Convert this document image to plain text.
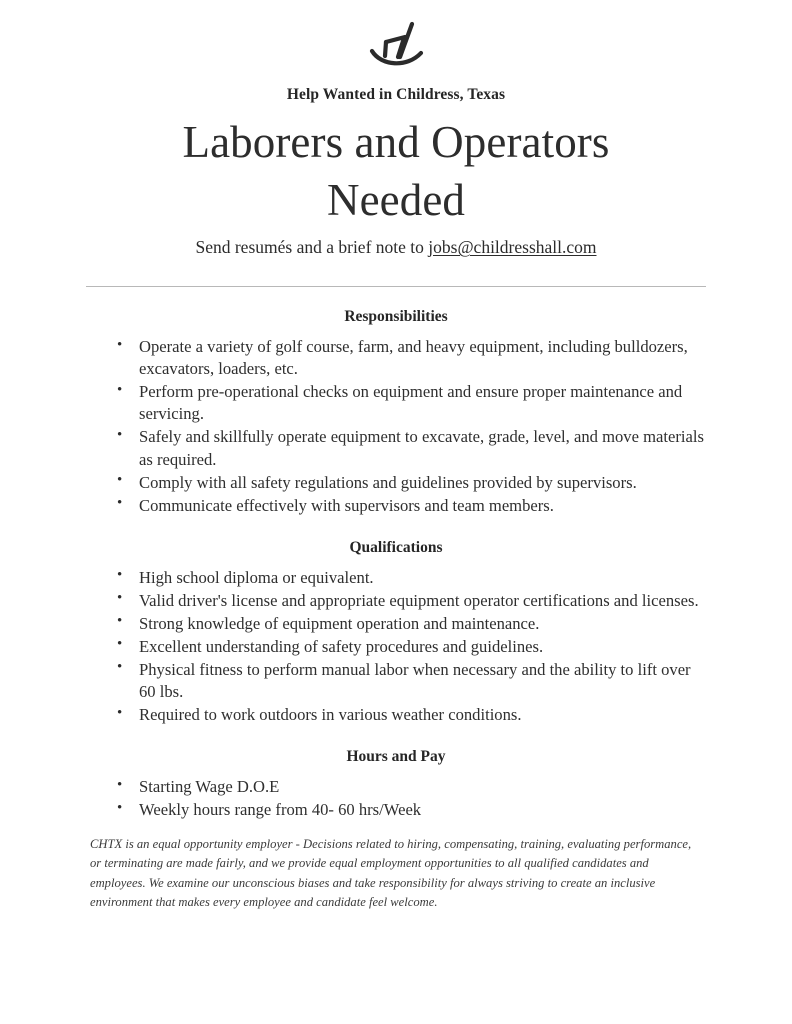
Help Wanted in Childress, Texas
Laborers and Operators
Needed
Send resumés and a brief note to jobs@childresshall.com
Responsibilities
• Operate a variety of golf course, farm, and heavy equipment, including bulldozers, excavators, loaders, etc.
• Perform pre-operational checks on equipment and ensure proper maintenance and servicing.
• Safely and skillfully operate equipment to excavate, grade, level, and move materials as required.
• Comply with all safety regulations and guidelines provided by supervisors.
• Communicate effectively with supervisors and team members.
Qualifications
• High school diploma or equivalent.
• Valid driver's license and appropriate equipment operator certifications and licenses.
• Strong knowledge of equipment operation and maintenance.
• Excellent understanding of safety procedures and guidelines.
• Physical fitness to perform manual labor when necessary and the ability to lift over 60 lbs.
• Required to work outdoors in various weather conditions.
Hours and Pay
• Starting Wage D.O.E
• Weekly hours range from 40- 60 hrs/Week
CHTX is an equal opportunity employer - Decisions related to hiring, compensating, training, evaluating performance, or terminating are made fairly, and we provide equal employment opportunities to all qualified candidates and employees. We examine our unconscious biases and take responsibility for always striving to create an inclusive environment that makes every employee and candidate feel welcome.
